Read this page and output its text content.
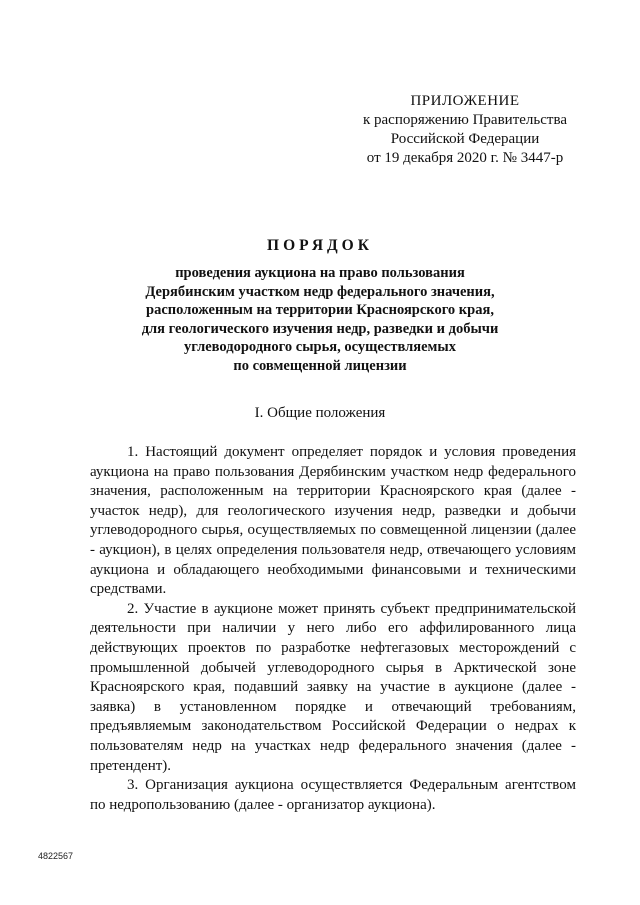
ПРИЛОЖЕНИЕ
к распоряжению Правительства
Российской Федерации
от 19 декабря 2020 г. № 3447-р
ПОРЯДОК
проведения аукциона на право пользования
Дерябинским участком недр федерального значения,
расположенным на территории Красноярского края,
для геологического изучения недр, разведки и добычи
углеводородного сырья, осуществляемых
по совмещенной лицензии
I. Общие положения

1. Настоящий документ определяет порядок и условия проведения аукциона на право пользования Дерябинским участком недр федерального значения, расположенным на территории Красноярского края (далее - участок недр), для геологического изучения недр, разведки и добычи углеводородного сырья, осуществляемых по совмещенной лицензии (далее - аукцион), в целях определения пользователя недр, отвечающего условиям аукциона и обладающего необходимыми финансовыми и техническими средствами.

2. Участие в аукционе может принять субъект предпринимательской деятельности при наличии у него либо его аффилированного лица действующих проектов по разработке нефтегазовых месторождений с промышленной добычей углеводородного сырья в Арктической зоне Красноярского края, подавший заявку на участие в аукционе (далее - заявка) в установленном порядке и отвечающий требованиям, предъявляемым законодательством Российской Федерации о недрах к пользователям недр на участках недр федерального значения (далее - претендент).

3. Организация аукциона осуществляется Федеральным агентством по недропользованию (далее - организатор аукциона).

4822567
